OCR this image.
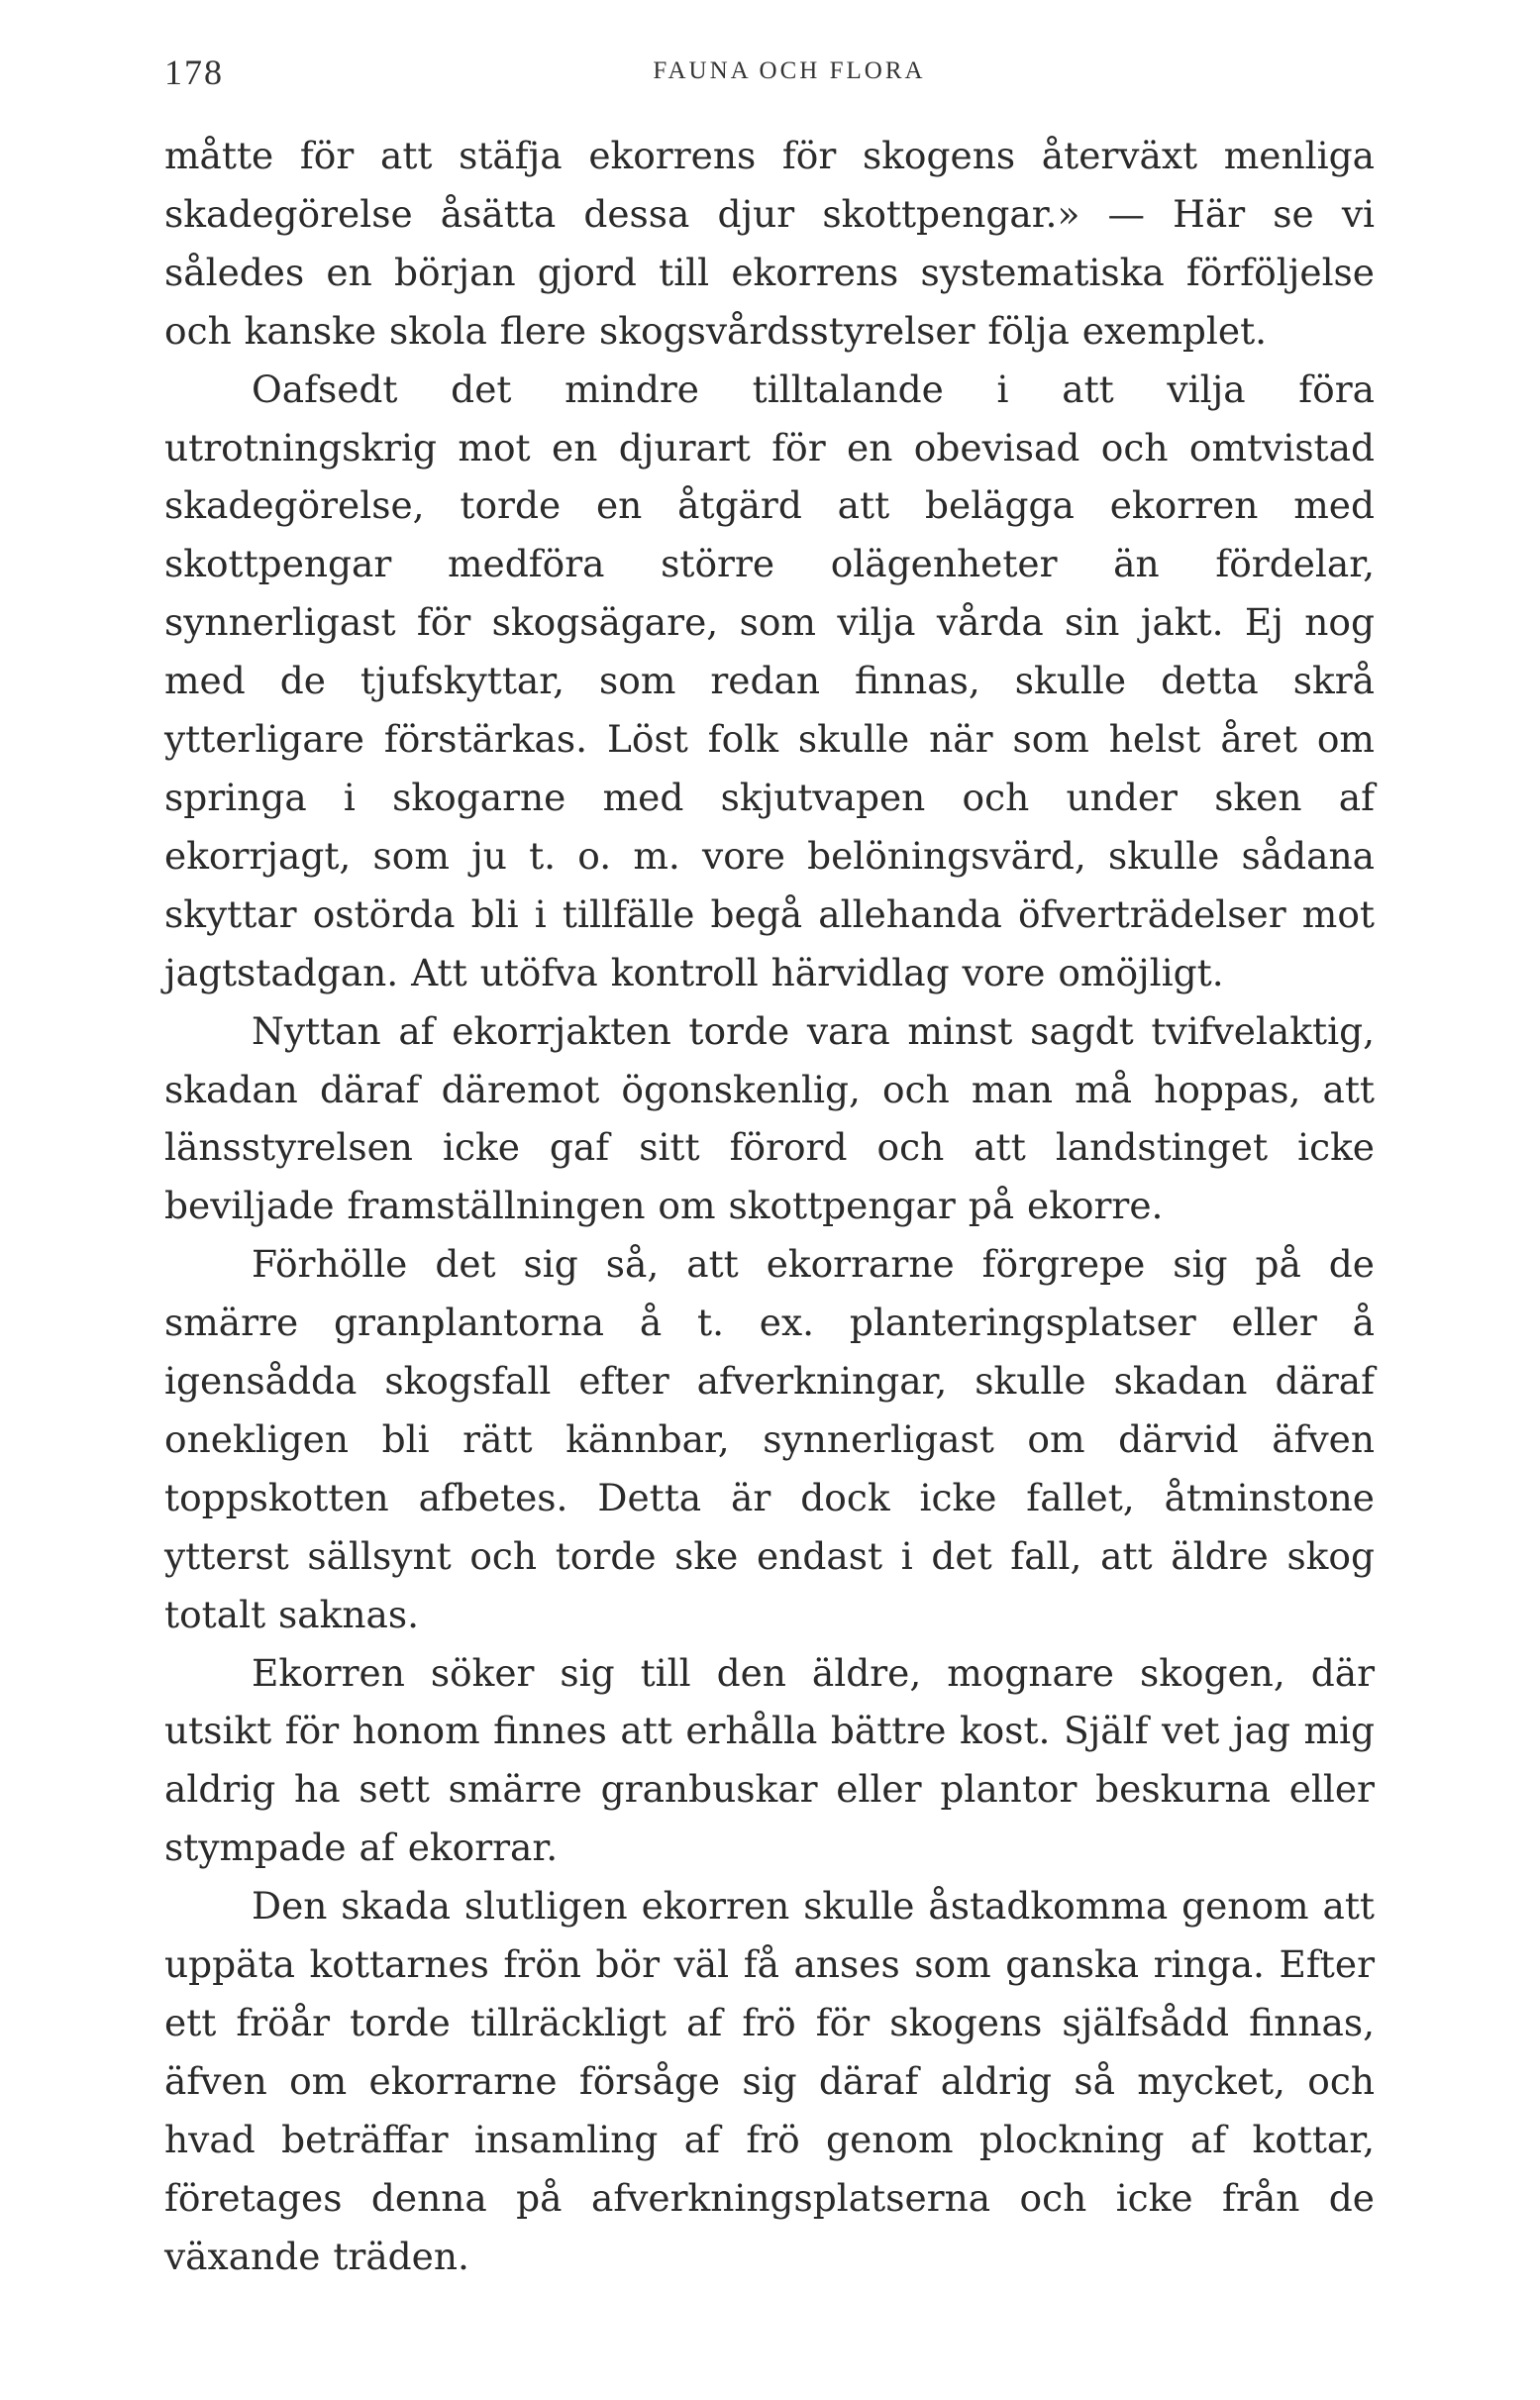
178	FAUNA OCH FLORA

måtte för att stäfja ekorrens för skogens återväxt menliga skadegörelse åsätta dessa djur skottpengar.» — Här se vi således en början gjord till ekorrens systematiska förföljelse och kanske skola flere skogsvårdsstyrelser följa exemplet.

Oafsedt det mindre tilltalande i att vilja föra utrotningskrig mot en djurart för en obevisad och omtvistad skadegörelse, torde en åtgärd att belägga ekorren med skottpengar medföra större olägenheter än fördelar, synnerligast för skogsägare, som vilja vårda sin jakt. Ej nog med de tjufskyttar, som redan finnas, skulle detta skrå ytterligare förstärkas. Löst folk skulle när som helst året om springa i skogarne med skjutvapen och under sken af ekorrjagt, som ju t. o. m. vore belöningsvärd, skulle sådana skyttar ostörda bli i tillfälle begå allehanda öfverträdelser mot jagtstadgan. Att utöfva kontroll härvidlag vore omöjligt.

Nyttan af ekorrjakten torde vara minst sagdt tvifvelaktig, skadan däraf däremot ögonskenlig, och man må hoppas, att länsstyrelsen icke gaf sitt förord och att landstinget icke beviljade framställningen om skottpengar på ekorre.

Förhölle det sig så, att ekorrarne förgrepe sig på de smärre granplantorna å t. ex. planteringsplatser eller å igensådda skogsfall efter afverkningar, skulle skadan däraf onekligen bli rätt kännbar, synnerligast om därvid äfven toppskotten afbetes. Detta är dock icke fallet, åtminstone ytterst sällsynt och torde ske endast i det fall, att äldre skog totalt saknas.

Ekorren söker sig till den äldre, mognare skogen, där utsikt för honom finnes att erhålla bättre kost. Själf vet jag mig aldrig ha sett smärre granbuskar eller plantor beskurna eller stympade af ekorrar.

Den skada slutligen ekorren skulle åstadkomma genom att uppäta kottarnes frön bör väl få anses som ganska ringa. Efter ett fröår torde tillräckligt af frö för skogens själfsådd finnas, äfven om ekorrarne försåge sig däraf aldrig så mycket, och hvad beträffar insamling af frö genom plockning af kottar, företages denna på afverkningsplatserna och icke från de växande träden.
